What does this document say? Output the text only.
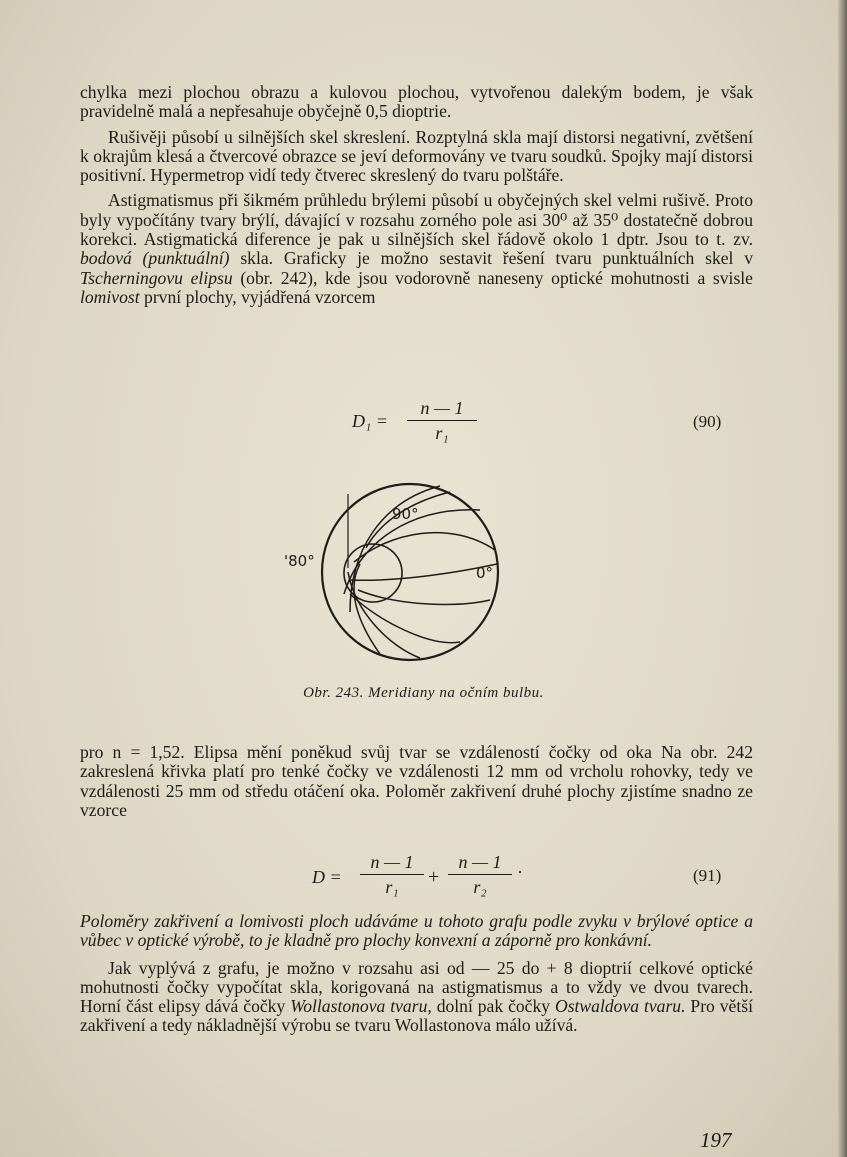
chylka mezi plochou obrazu a kulovou plochou, vytvořenou dalekým bodem, je však pravidelně malá a nepřesahuje obyčejně 0,5 dioptrie.

Rušivěji působí u silnějších skel skreslení. Rozptylná skla mají distorsi negativní, zvětšení k okrajům klesá a čtvercové obrazce se jeví deformovány ve tvaru soudků. Spojky mají distorsi positivní. Hypermetrop vidí tedy čtverec skreslený do tvaru polštáře.

Astigmatismus při šikmém průhledu brýlemi působí u obyčejných skel velmi rušivě. Proto byly vypočítány tvary brýlí, dávající v rozsahu zorného pole asi 30⁰ až 35⁰ dostatečně dobrou korekci. Astigmatická diference je pak u silnějších skel řádově okolo 1 dptr. Jsou to t. zv. bodová (punktuální) skla. Graficky je možno sestavit řešení tvaru punktuálních skel v Tscherningovu elipsu (obr. 242), kde jsou vodorovně naneseny optické mohutnosti a svisle lomivost první plochy, vyjádřená vzorcem

$D_1 = \frac{n — 1}{\text{r₁}}$	(90)
90°
'80°
0°
Obr. 243. Meridiany na očním bulbu.

pro n = 1,52. Elipsa mění poněkud svůj tvar se vzdáleností čočky od oka Na obr. 242 zakreslená křivka platí pro tenké čočky ve vzdálenosti 12 mm od vrcholu rohovky, tedy ve vzdálenosti 25 mm od středu otáčení oka. Poloměr zakřivení druhé plochy zjistíme snadno ze vzorce

$D = \frac{n — 1}{\text{r₁}} + \frac{n — 1}{\text{r₂}}$ ·	(91)

Poloměry zakřivení a lomivosti ploch udáváme u tohoto grafu podle zvyku v brýlové optice a vůbec v optické výrobě, to je kladně pro plochy konvexní a záporně pro konkávní.

Jak vyplývá z grafu, je možno v rozsahu asi od — 25 do + 8 dioptrií celkové optické mohutnosti čočky vypočítat skla, korigovaná na astigmatismus a to vždy ve dvou tvarech. Horní část elipsy dává čočky Wollastonova tvaru, dolní pak čočky Ostwaldova tvaru. Pro větší zakřivení a tedy nákladnější výrobu se tvaru Wollastonova málo užívá.

197
